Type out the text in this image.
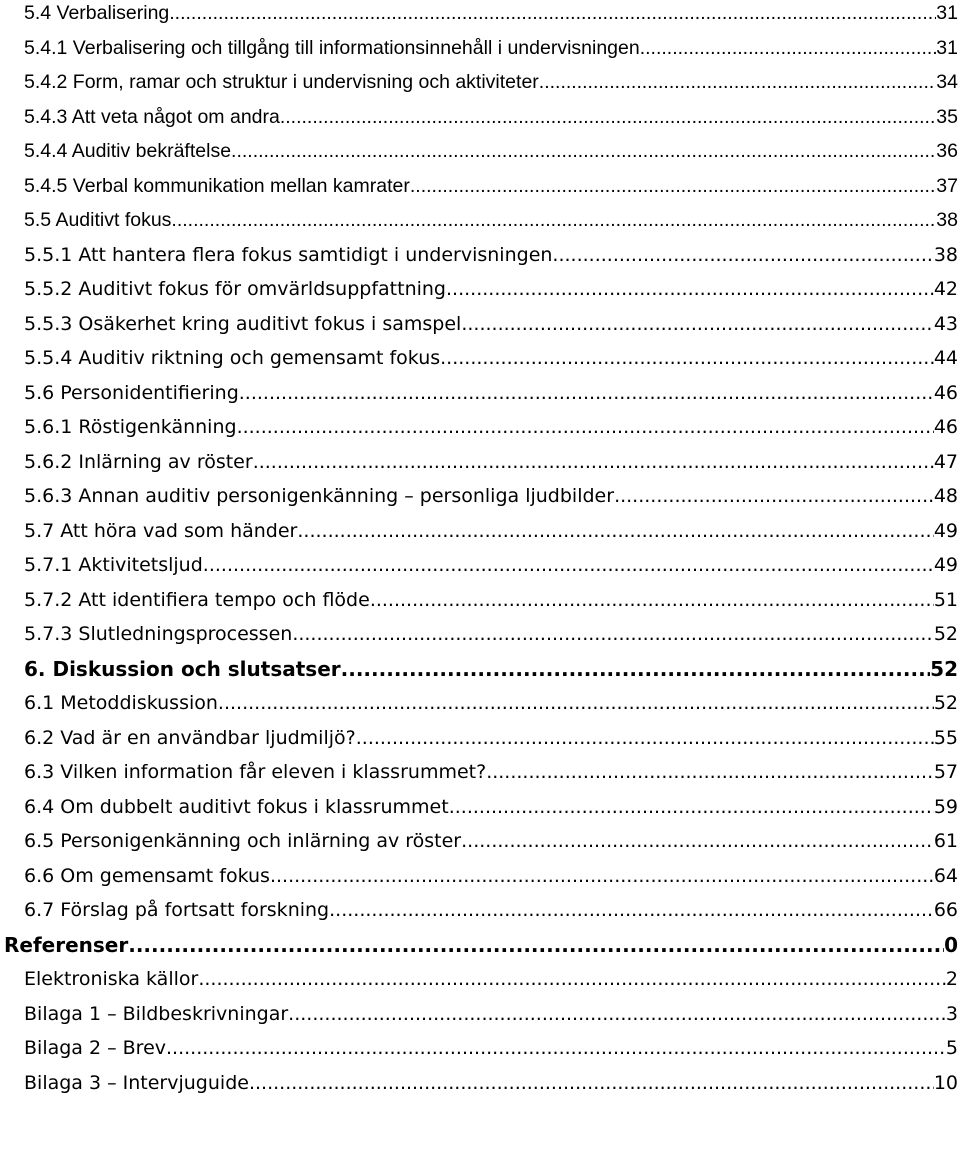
5.4 Verbalisering .....	31
5.4.1 Verbalisering och tillgång till informationsinnehåll i undervisningen .....	31
5.4.2 Form, ramar och struktur i undervisning och aktiviteter .....	34
5.4.3 Att veta något om andra .....	35
5.4.4 Auditiv bekräftelse .....	36
5.4.5 Verbal kommunikation mellan kamrater .....	37
5.5 Auditivt fokus .....	38
5.5.1 Att hantera flera fokus samtidigt i undervisningen .....	38
5.5.2 Auditivt fokus för omvärldsuppfattning .....	42
5.5.3 Osäkerhet kring auditivt fokus i samspel .....	43
5.5.4 Auditiv riktning och gemensamt fokus .....	44
5.6 Personidentifiering .....	46
5.6.1 Röstigenkänning .....	46
5.6.2 Inlärning av röster .....	47
5.6.3 Annan auditiv personigenkänning – personliga ljudbilder .....	48
5.7 Att höra vad som händer .....	49
5.7.1 Aktivitetsljud .....	49
5.7.2 Att identifiera tempo och flöde .....	51
5.7.3 Slutledningsprocessen .....	52
6. Diskussion och slutsatser .....	52
6.1 Metoddiskussion .....	52
6.2 Vad är en användbar ljudmiljö? .....	55
6.3 Vilken information får eleven i klassrummet? .....	57
6.4 Om dubbelt auditivt fokus i klassrummet .....	59
6.5 Personigenkänning och inlärning av röster .....	61
6.6 Om gemensamt fokus .....	64
6.7 Förslag på fortsatt forskning .....	66
Referenser .....	0
Elektroniska källor .....	2
Bilaga 1 – Bildbeskrivningar .....	3
Bilaga 2 – Brev .....	5
Bilaga 3 – Intervjuguide .....	10
